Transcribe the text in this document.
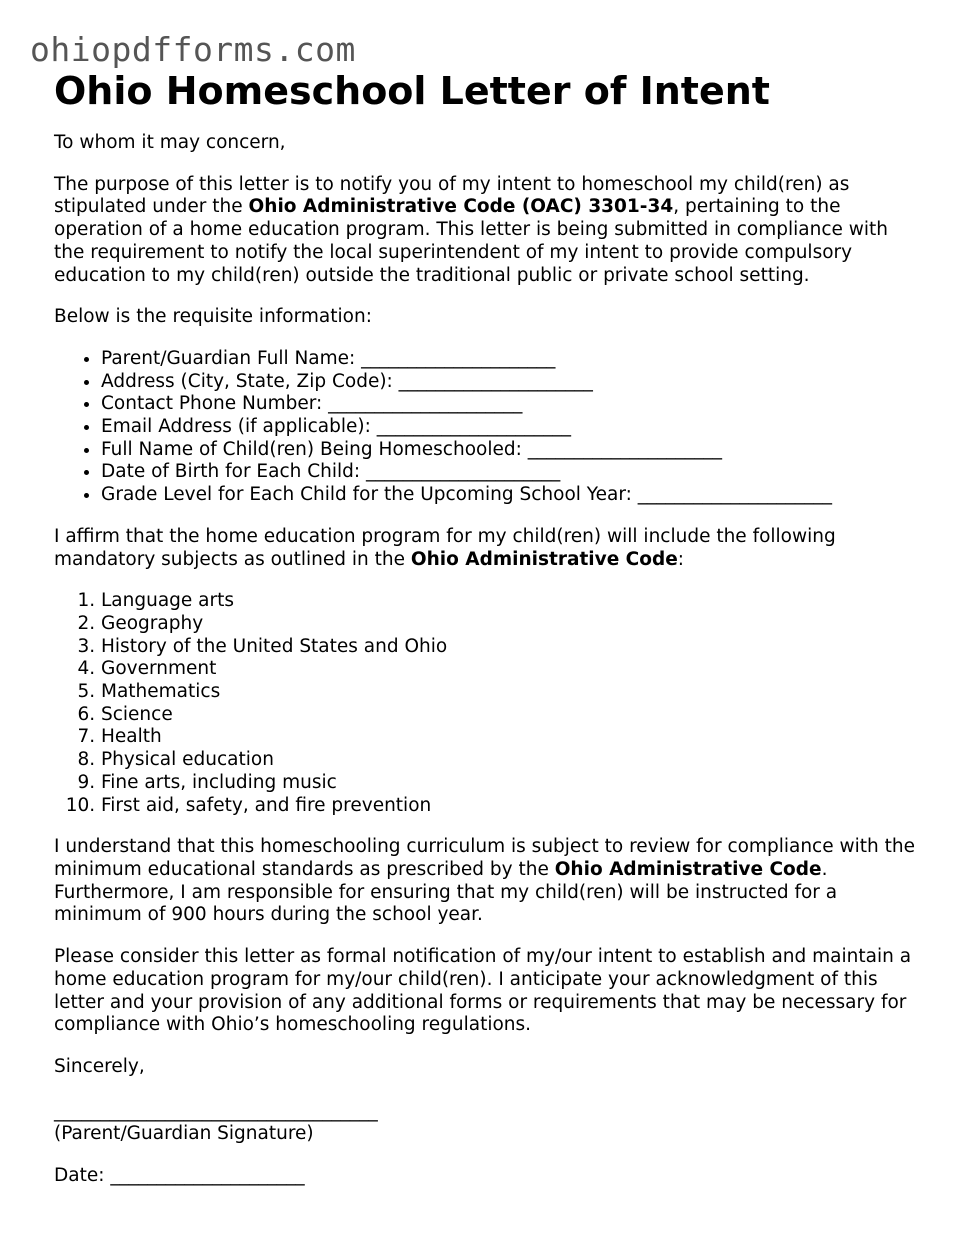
ohiopdfforms.com
Ohio Homeschool Letter of Intent

To whom it may concern,

The purpose of this letter is to notify you of my intent to homeschool my child(ren) as stipulated under the Ohio Administrative Code (OAC) 3301-34, pertaining to the operation of a home education program. This letter is being submitted in compliance with the requirement to notify the local superintendent of my intent to provide compulsory education to my child(ren) outside the traditional public or private school setting.

Below is the requisite information:

• Parent/Guardian Full Name: _____________________
• Address (City, State, Zip Code): _____________________
• Contact Phone Number: _____________________
• Email Address (if applicable): _____________________
• Full Name of Child(ren) Being Homeschooled: _____________________
• Date of Birth for Each Child: _____________________
• Grade Level for Each Child for the Upcoming School Year: _____________________

I affirm that the home education program for my child(ren) will include the following mandatory subjects as outlined in the Ohio Administrative Code:

1. Language arts
2. Geography
3. History of the United States and Ohio
4. Government
5. Mathematics
6. Science
7. Health
8. Physical education
9. Fine arts, including music
10. First aid, safety, and fire prevention

I understand that this homeschooling curriculum is subject to review for compliance with the minimum educational standards as prescribed by the Ohio Administrative Code. Furthermore, I am responsible for ensuring that my child(ren) will be instructed for a minimum of 900 hours during the school year.

Please consider this letter as formal notification of my/our intent to establish and maintain a home education program for my/our child(ren). I anticipate your acknowledgment of this letter and your provision of any additional forms or requirements that may be necessary for compliance with Ohio’s homeschooling regulations.

Sincerely,

___________________________________

(Parent/Guardian Signature)

Date: _____________________
